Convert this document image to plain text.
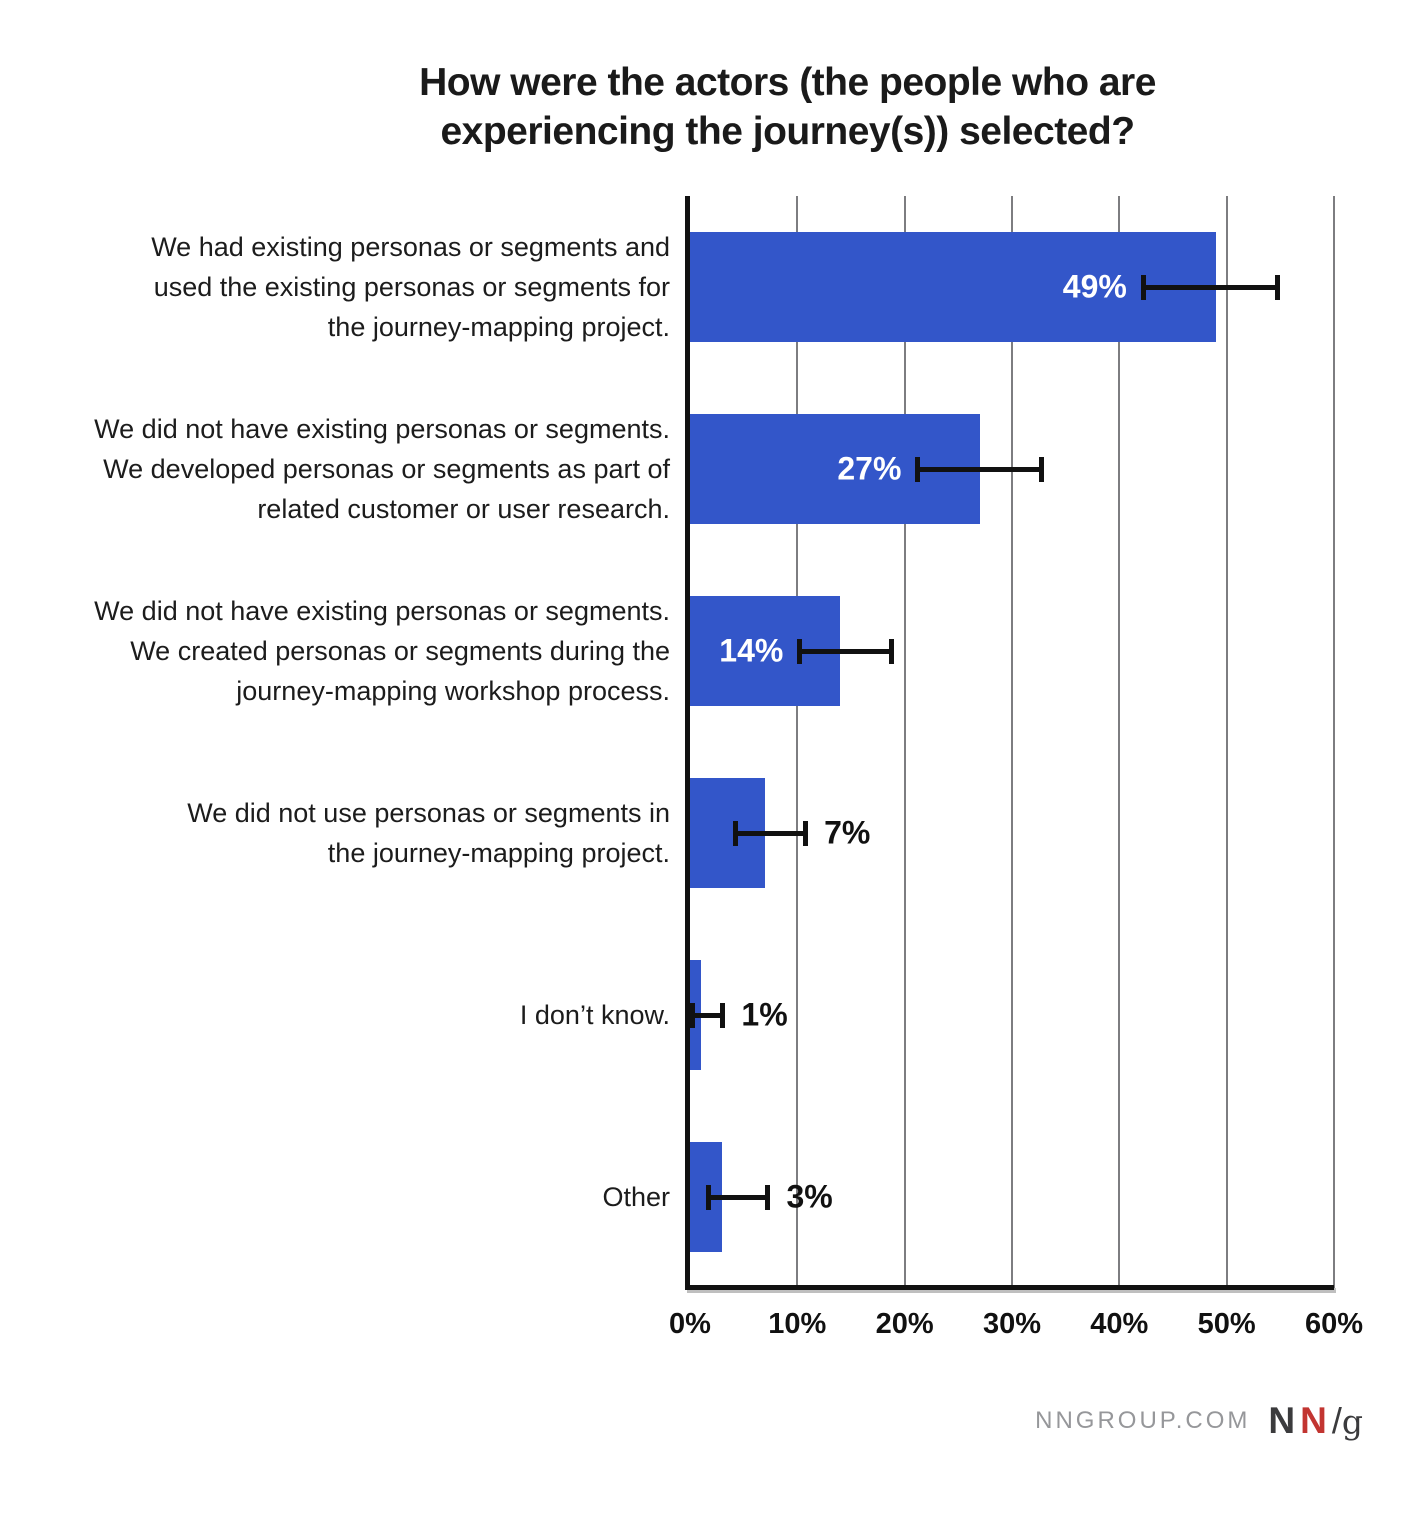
How were the actors (the people who are
experiencing the journey(s)) selected?
We had existing personas or segments and
used the existing personas or segments for
the journey-mapping project.
We did not have existing personas or segments.
We developed personas or segments as part of
related customer or user research.
We did not have existing personas or segments.
We created personas or segments during the
journey-mapping workshop process.
We did not use personas or segments in
the journey-mapping project.
I don’t know.
Other
49%
27%
14%
7%
1%
3%
0% 10% 20% 30% 40% 50% 60%
NNGROUP.COM N N / g
